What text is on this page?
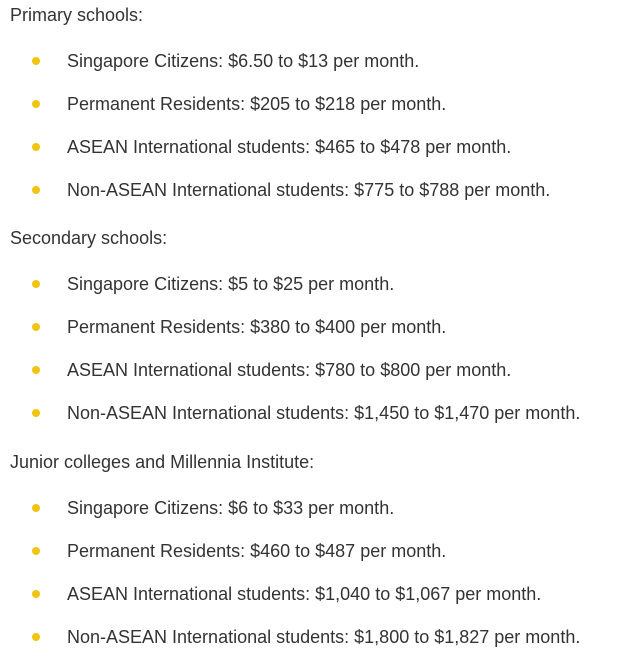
Primary schools:
Singapore Citizens: $6.50 to $13 per month.
Permanent Residents: $205 to $218 per month.
ASEAN International students: $465 to $478 per month.
Non-ASEAN International students: $775 to $788 per month.
Secondary schools:
Singapore Citizens: $5 to $25 per month.
Permanent Residents: $380 to $400 per month.
ASEAN International students: $780 to $800 per month.
Non-ASEAN International students: $1,450 to $1,470 per month.
Junior colleges and Millennia Institute:
Singapore Citizens: $6 to $33 per month.
Permanent Residents: $460 to $487 per month.
ASEAN International students: $1,040 to $1,067 per month.
Non-ASEAN International students: $1,800 to $1,827 per month.
